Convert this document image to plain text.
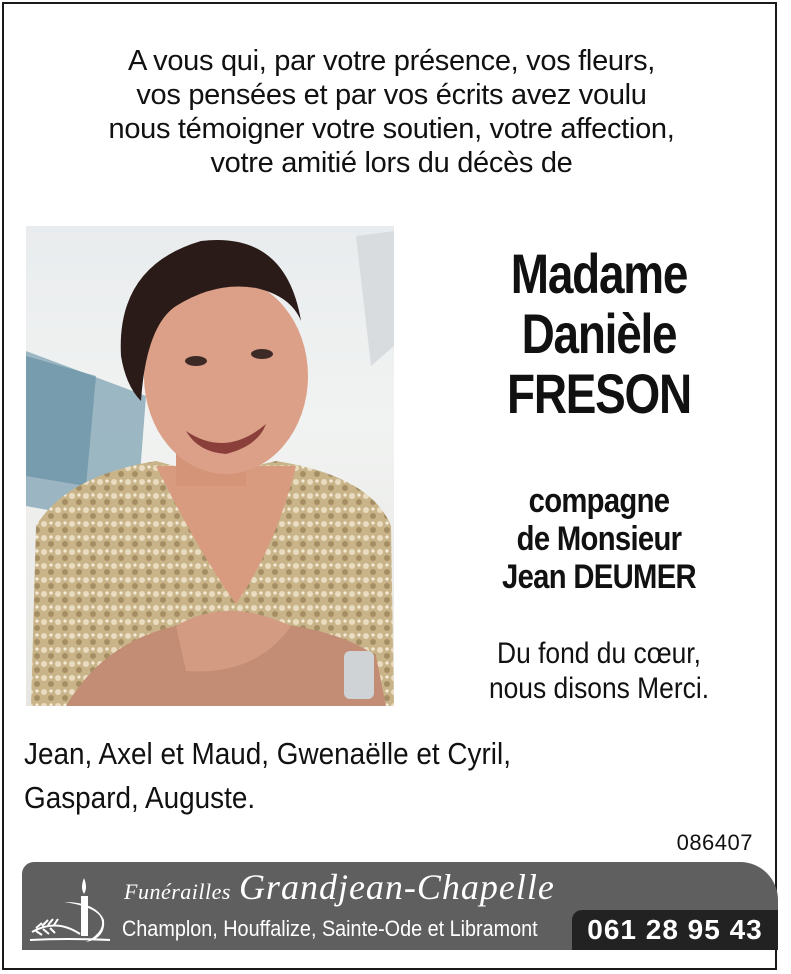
A vous qui, par votre présence, vos fleurs,
vos pensées et par vos écrits avez voulu
nous témoigner votre soutien, votre affection,
votre amitié lors du décès de
Madame
Danièle
FRESON
compagne
de Monsieur
Jean DEUMER
Du fond du cœur,
nous disons Merci.
Jean, Axel et Maud, Gwenaëlle et Cyril,
Gaspard, Auguste.
086407
Funérailles Grandjean-Chapelle
Champlon, Houffalize, Sainte-Ode et Libramont	061 28 95 43
